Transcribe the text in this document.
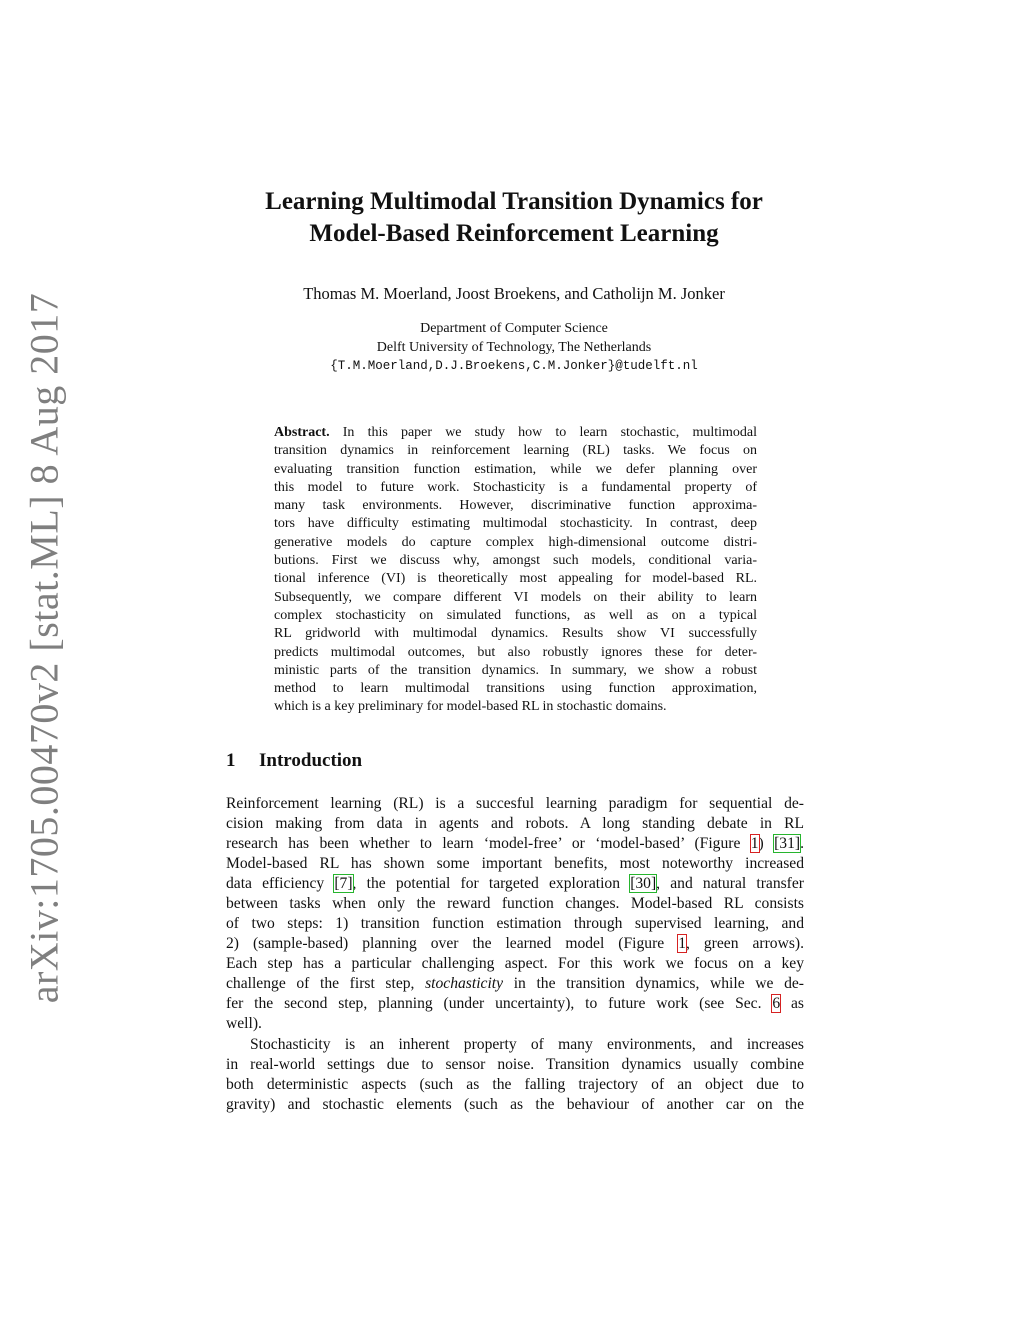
arXiv:1705.00470v2 [stat.ML] 8 Aug 2017
Learning Multimodal Transition Dynamics for
Model-Based Reinforcement Learning
Thomas M. Moerland, Joost Broekens, and Catholijn M. Jonker
Department of Computer Science
Delft University of Technology, The Netherlands
{T.M.Moerland,D.J.Broekens,C.M.Jonker}@tudelft.nl
Abstract. In this paper we study how to learn stochastic, multimodal
transition dynamics in reinforcement learning (RL) tasks. We focus on
evaluating transition function estimation, while we defer planning over
this model to future work. Stochasticity is a fundamental property of
many task environments. However, discriminative function approxima-
tors have difficulty estimating multimodal stochasticity. In contrast, deep
generative models do capture complex high-dimensional outcome distri-
butions. First we discuss why, amongst such models, conditional varia-
tional inference (VI) is theoretically most appealing for model-based RL.
Subsequently, we compare different VI models on their ability to learn
complex stochasticity on simulated functions, as well as on a typical
RL gridworld with multimodal dynamics. Results show VI successfully
predicts multimodal outcomes, but also robustly ignores these for deter-
ministic parts of the transition dynamics. In summary, we show a robust
method to learn multimodal transitions using function approximation,
which is a key preliminary for model-based RL in stochastic domains.
1 Introduction
Reinforcement learning (RL) is a succesful learning paradigm for sequential de-
cision making from data in agents and robots. A long standing debate in RL
research has been whether to learn ‘model-free’ or ‘model-based’ (Figure 1) [31].
Model-based RL has shown some important benefits, most noteworthy increased
data efficiency [7], the potential for targeted exploration [30], and natural transfer
between tasks when only the reward function changes. Model-based RL consists
of two steps: 1) transition function estimation through supervised learning, and
2) (sample-based) planning over the learned model (Figure 1, green arrows).
Each step has a particular challenging aspect. For this work we focus on a key
challenge of the first step, stochasticity in the transition dynamics, while we de-
fer the second step, planning (under uncertainty), to future work (see Sec. 6 as
well).
Stochasticity is an inherent property of many environments, and increases
in real-world settings due to sensor noise. Transition dynamics usually combine
both deterministic aspects (such as the falling trajectory of an object due to
gravity) and stochastic elements (such as the behaviour of another car on the
